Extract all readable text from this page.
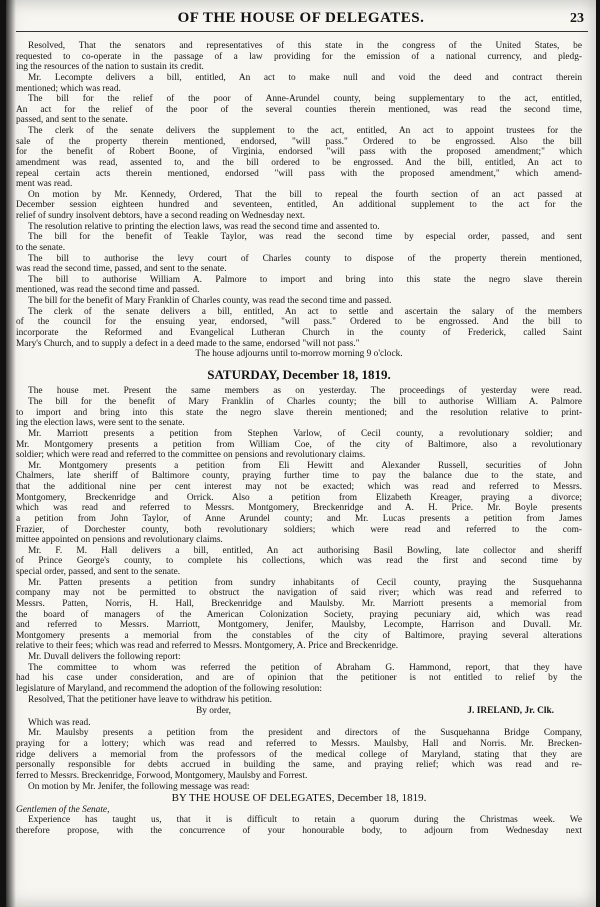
OF THE HOUSE OF DELEGATES.	23
Resolved, That the senators and representatives of this state in the congress of the United States, be
requested to co-operate in the passage of a law providing for the emission of a national currency, and pledg-
ing the resources of the nation to sustain its credit.
Mr. Lecompte delivers a bill, entitled, An act to make null and void the deed and contract therein
mentioned; which was read.
The bill for the relief of the poor of Anne-Arundel county, being supplementary to the act, entitled,
An act for the relief of the poor of the several counties therein mentioned, was read the second time,
passed, and sent to the senate.
The clerk of the senate delivers the supplement to the act, entitled, An act to appoint trustees for the
sale of the property therein mentioned, endorsed, "will pass." Ordered to be engrossed. Also the bill
for the benefit of Robert Boone, of Virginia, endorsed "will pass with the proposed amendment;" which
amendment was read, assented to, and the bill ordered to be engrossed. And the bill, entitled, An act to
repeal certain acts therein mentioned, endorsed "will pass with the proposed amendment," which amend-
ment was read.
On motion by Mr. Kennedy, Ordered, That the bill to repeal the fourth section of an act passed at
December session eighteen hundred and seventeen, entitled, An additional supplement to the act for the
relief of sundry insolvent debtors, have a second reading on Wednesday next.
The resolution relative to printing the election laws, was read the second time and assented to.
The bill for the benefit of Teakle Taylor, was read the second time by especial order, passed, and sent
to the senate.
The bill to authorise the levy court of Charles county to dispose of the property therein mentioned,
was read the second time, passed, and sent to the senate.
The bill to authorise William A. Palmore to import and bring into this state the negro slave therein
mentioned, was read the second time and passed.
The bill for the benefit of Mary Franklin of Charles county, was read the second time and passed.
The clerk of the senate delivers a bill, entitled, An act to settle and ascertain the salary of the members
of the council for the ensuing year, endorsed, "will pass." Ordered to be engrossed. And the bill to
incorporate the Reformed and Evangelical Lutheran Church in the county of Frederick, called Saint
Mary's Church, and to supply a defect in a deed made to the same, endorsed "will not pass."
The house adjourns until to-morrow morning 9 o'clock.
SATURDAY, December 18, 1819.
The house met. Present the same members as on yesterday. The proceedings of yesterday were read.
The bill for the benefit of Mary Franklin of Charles county; the bill to authorise William A. Palmore
to import and bring into this state the negro slave therein mentioned; and the resolution relative to print-
ing the election laws, were sent to the senate.
Mr. Marriott presents a petition from Stephen Varlow, of Cecil county, a revolutionary soldier; and
Mr. Montgomery presents a petition from William Coe, of the city of Baltimore, also a revolutionary
soldier; which were read and referred to the committee on pensions and revolutionary claims.
Mr. Montgomery presents a petition from Eli Hewitt and Alexander Russell, securities of John
Chalmers, late sheriff of Baltimore county, praying further time to pay the balance due to the state, and
that the additional nine per cent interest may not be exacted; which was read and referred to Messrs.
Montgomery, Breckenridge and Orrick. Also a petition from Elizabeth Kreager, praying a divorce;
which was read and referred to Messrs. Montgomery, Breckenridge and A. H. Price. Mr. Boyle presents
a petition from John Taylor, of Anne Arundel county; and Mr. Lucas presents a petition from James
Frazier, of Dorchester county, both revolutionary soldiers; which were read and referred to the com-
mittee appointed on pensions and revolutionary claims.
Mr. F. M. Hall delivers a bill, entitled, An act authorising Basil Bowling, late collector and sheriff
of Prince George's county, to complete his collections, which was read the first and second time by
special order, passed, and sent to the senate.
Mr. Patten presents a petition from sundry inhabitants of Cecil county, praying the Susquehanna
company may not be permitted to obstruct the navigation of said river; which was read and referred to
Messrs. Patten, Norris, H. Hall, Breckenridge and Maulsby. Mr. Marriott presents a memorial from
the board of managers of the American Colonization Society, praying pecuniary aid, which was read
and referred to Messrs. Marriott, Montgomery, Jenifer, Maulsby, Lecompte, Harrison and Duvall. Mr.
Montgomery presents a memorial from the constables of the city of Baltimore, praying several alterations
relative to their fees; which was read and referred to Messrs. Montgomery, A. Price and Breckenridge.
Mr. Duvall delivers the following report:
The committee to whom was referred the petition of Abraham G. Hammond, report, that they have
had his case under consideration, and are of opinion that the petitioner is not entitled to relief by the
legislature of Maryland, and recommend the adoption of the following resolution:
Resolved, That the petitioner have leave to withdraw his petition.
By order,	J. IRELAND, Jr. Clk.
Which was read.
Mr. Maulsby presents a petition from the president and directors of the Susquehanna Bridge Company,
praying for a lottery; which was read and referred to Messrs. Maulsby, Hall and Norris. Mr. Brecken-
ridge delivers a memorial from the professors of the medical college of Maryland, stating that they are
personally responsible for debts accrued in building the same, and praying relief; which was read and re-
ferred to Messrs. Breckenridge, Forwood, Montgomery, Maulsby and Forrest.
On motion by Mr. Jenifer, the following message was read:
BY THE HOUSE OF DELEGATES, December 18, 1819.
Gentlemen of the Senate,
Experience has taught us, that it is difficult to retain a quorum during the Christmas week. We
therefore propose, with the concurrence of your honourable body, to adjourn from Wednesday next
